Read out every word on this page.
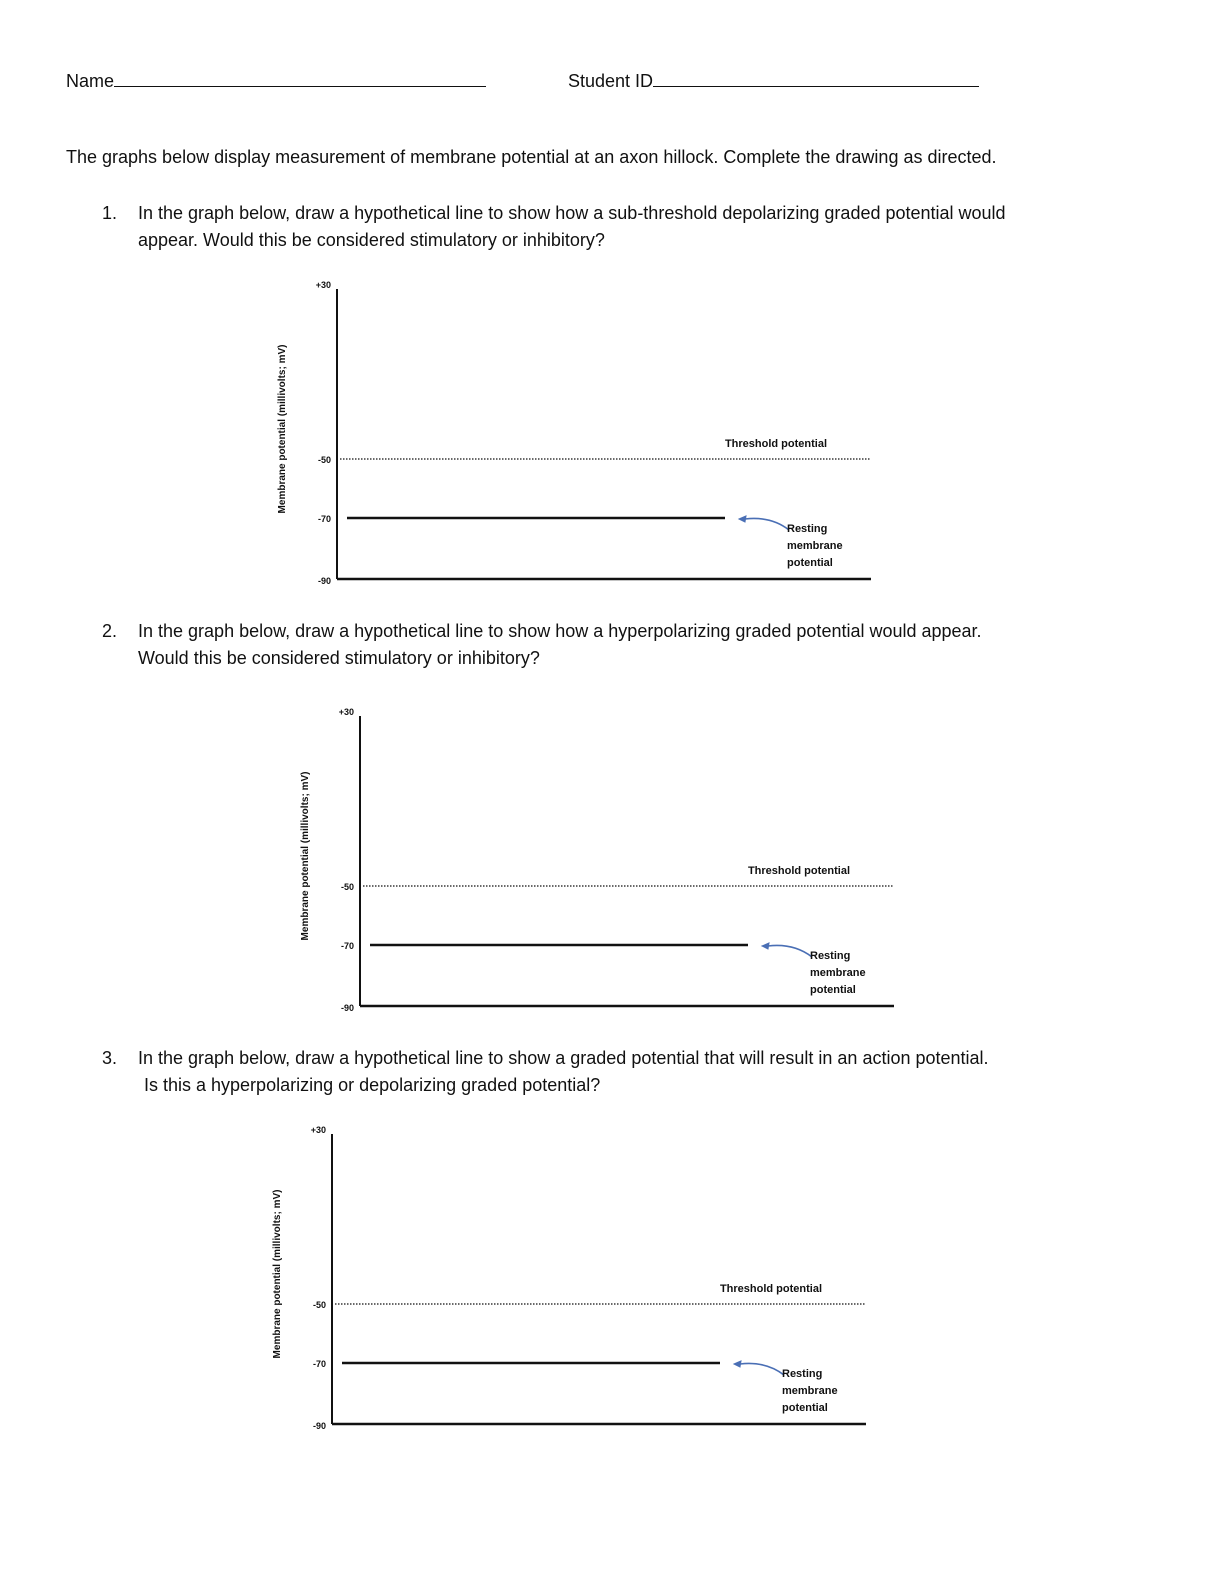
Name	Student ID
The graphs below display measurement of membrane potential at an axon hillock. Complete the drawing as directed.
1. In the graph below, draw a hypothetical line to show how a sub-threshold depolarizing graded potential would
appear. Would this be considered stimulatory or inhibitory?
Membrane potential (millivolts; mV)
+30
-50
-70
-90
Threshold potential
Resting
membrane
potential
2. In the graph below, draw a hypothetical line to show how a hyperpolarizing graded potential would appear.
Would this be considered stimulatory or inhibitory?
Membrane potential (millivolts; mV)
+30
-50
-70
-90
Threshold potential
Resting
membrane
potential
3. In the graph below, draw a hypothetical line to show a graded potential that will result in an action potential.
Is this a hyperpolarizing or depolarizing graded potential?
Membrane potential (millivolts; mV)
+30
-50
-70
-90
Threshold potential
Resting
membrane
potential
